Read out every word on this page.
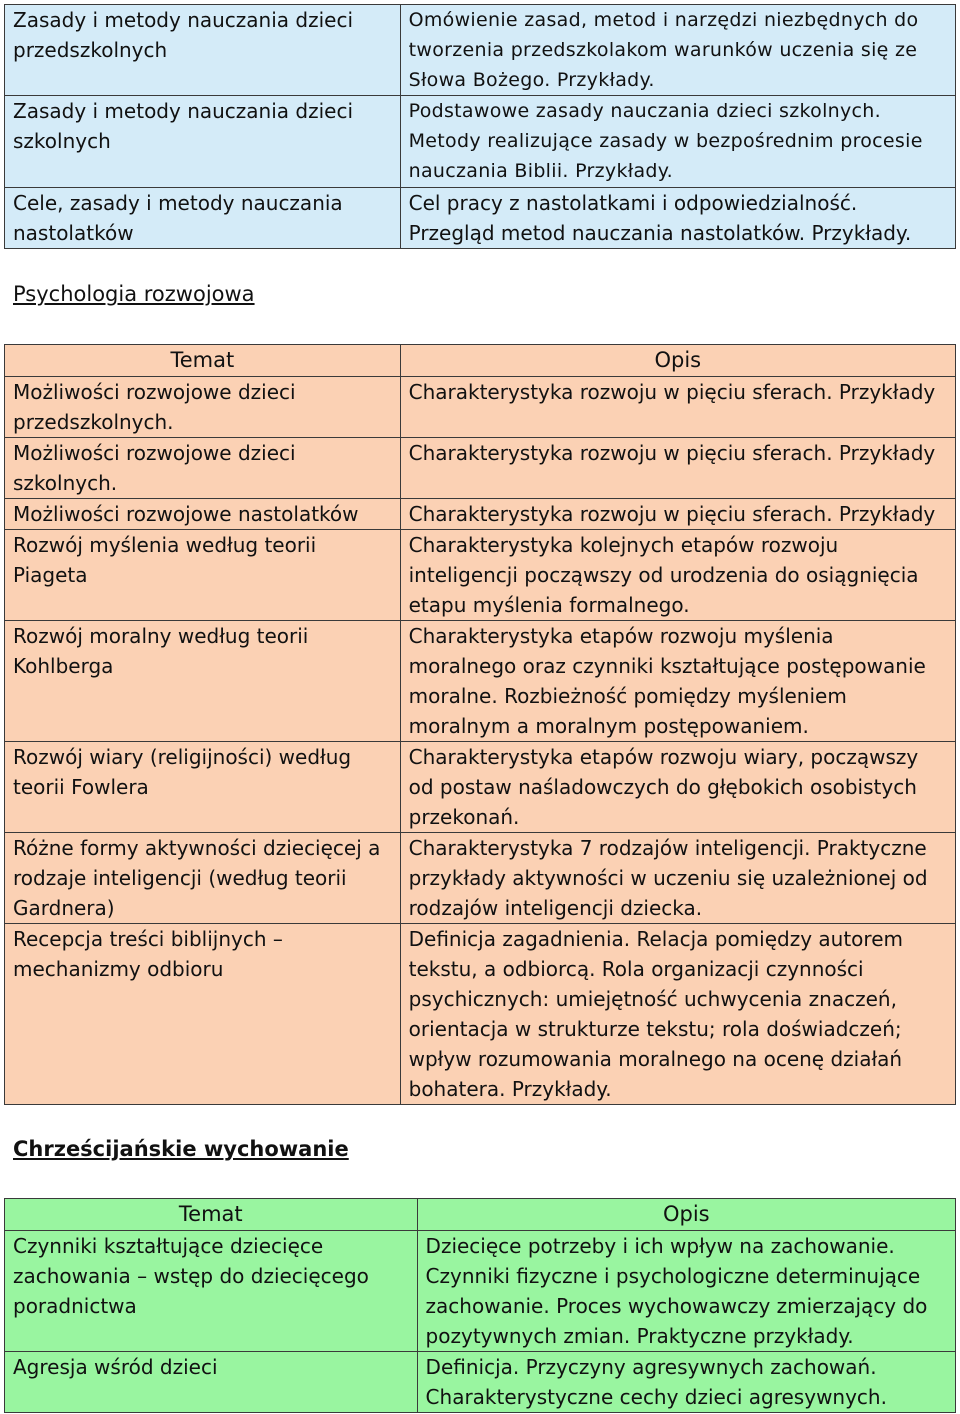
Zasady i metody nauczania dzieci przedszkolnych	Omówienie zasad, metod i narzędzi niezbędnych do tworzenia przedszkolakom warunków uczenia się ze Słowa Bożego. Przykłady.
Zasady i metody nauczania dzieci szkolnych	Podstawowe zasady nauczania dzieci szkolnych. Metody realizujące zasady w bezpośrednim procesie nauczania Biblii. Przykłady.
Cele, zasady i metody nauczania nastolatków	Cel pracy z nastolatkami i odpowiedzialność. Przegląd metod nauczania nastolatków. Przykłady.
Psychologia rozwojowa
Temat	Opis
Możliwości rozwojowe dzieci przedszkolnych.	Charakterystyka rozwoju w pięciu sferach. Przykłady
Możliwości rozwojowe dzieci szkolnych.	Charakterystyka rozwoju w pięciu sferach. Przykłady
Możliwości rozwojowe nastolatków	Charakterystyka rozwoju w pięciu sferach. Przykłady
Rozwój myślenia według teorii Piageta	Charakterystyka kolejnych etapów rozwoju inteligencji począwszy od urodzenia do osiągnięcia etapu myślenia formalnego.
Rozwój moralny według teorii Kohlberga	Charakterystyka etapów rozwoju myślenia moralnego oraz czynniki kształtujące postępowanie moralne. Rozbieżność pomiędzy myśleniem moralnym a moralnym postępowaniem.
Rozwój wiary (religijności) według teorii Fowlera	Charakterystyka etapów rozwoju wiary, począwszy od postaw naśladowczych do głębokich osobistych przekonań.
Różne formy aktywności dziecięcej a rodzaje inteligencji (według teorii Gardnera)	Charakterystyka 7 rodzajów inteligencji. Praktyczne przykłady aktywności w uczeniu się uzależnionej od rodzajów inteligencji dziecka.
Recepcja treści biblijnych – mechanizmy odbioru	Definicja zagadnienia. Relacja pomiędzy autorem tekstu, a odbiorcą. Rola organizacji czynności psychicznych: umiejętność uchwycenia znaczeń, orientacja w strukturze tekstu; rola doświadczeń; wpływ rozumowania moralnego na ocenę działań bohatera. Przykłady.
Chrześcijańskie wychowanie
Temat	Opis
Czynniki kształtujące dziecięce zachowania – wstęp do dziecięcego poradnictwa	Dziecięce potrzeby i ich wpływ na zachowanie. Czynniki fizyczne i psychologiczne determinujące zachowanie. Proces wychowawczy zmierzający do pozytywnych zmian. Praktyczne przykłady.
Agresja wśród dzieci	Definicja. Przyczyny agresywnych zachowań. Charakterystyczne cechy dzieci agresywnych.
